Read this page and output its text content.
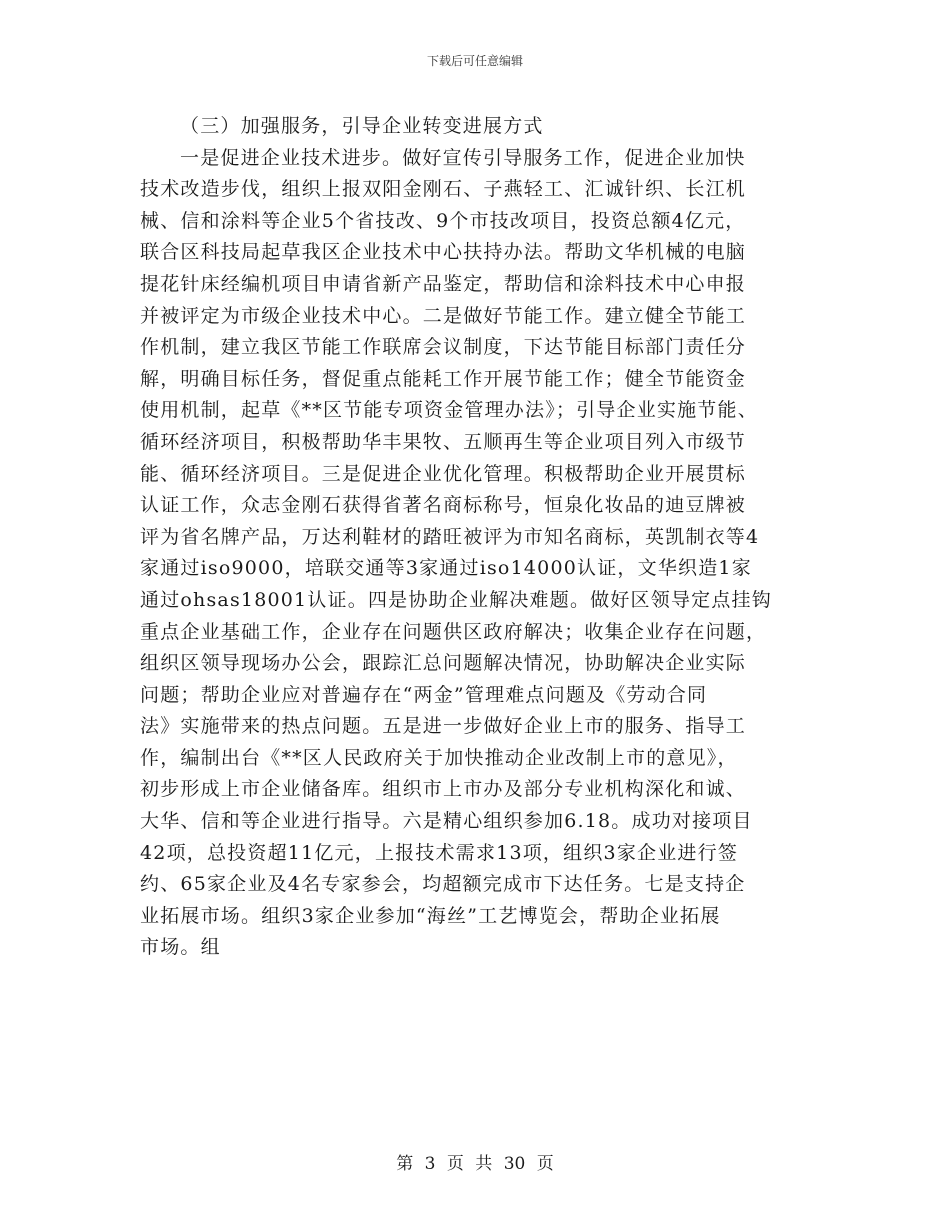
下载后可任意编辑
（三）加强服务，引导企业转变进展方式
一是促进企业技术进步。做好宣传引导服务工作，促进企业加快
技术改造步伐，组织上报双阳金刚石、子燕轻工、汇诚针织、长江机
械、信和涂料等企业5个省技改、9个市技改项目，投资总额4亿元，
联合区科技局起草我区企业技术中心扶持办法。帮助文华机械的电脑
提花针床经编机项目申请省新产品鉴定，帮助信和涂料技术中心申报
并被评定为市级企业技术中心。二是做好节能工作。建立健全节能工
作机制，建立我区节能工作联席会议制度，下达节能目标部门责任分
解，明确目标任务，督促重点能耗工作开展节能工作；健全节能资金
使用机制，起草《**区节能专项资金管理办法》；引导企业实施节能、
循环经济项目，积极帮助华丰果牧、五顺再生等企业项目列入市级节
能、循环经济项目。三是促进企业优化管理。积极帮助企业开展贯标
认证工作，众志金刚石获得省著名商标称号，恒泉化妆品的迪豆牌被
评为省名牌产品，万达利鞋材的踏旺被评为市知名商标，英凯制衣等4
家通过iso9000，培联交通等3家通过iso14000认证，文华织造1家
通过ohsas18001认证。四是协助企业解决难题。做好区领导定点挂钩
重点企业基础工作，企业存在问题供区政府解决；收集企业存在问题，
组织区领导现场办公会，跟踪汇总问题解决情况，协助解决企业实际
问题；帮助企业应对普遍存在“两金”管理难点问题及《劳动合同
法》实施带来的热点问题。五是进一步做好企业上市的服务、指导工
作，编制出台《**区人民政府关于加快推动企业改制上市的意见》，
初步形成上市企业储备库。组织市上市办及部分专业机构深化和诚、
大华、信和等企业进行指导。六是精心组织参加6.18。成功对接项目
42项，总投资超11亿元，上报技术需求13项，组织3家企业进行签
约、65家企业及4名专家参会，均超额完成市下达任务。七是支持企
业拓展市场。组织3家企业参加“海丝”工艺博览会，帮助企业拓展
市场。组
第 3 页 共 30 页
